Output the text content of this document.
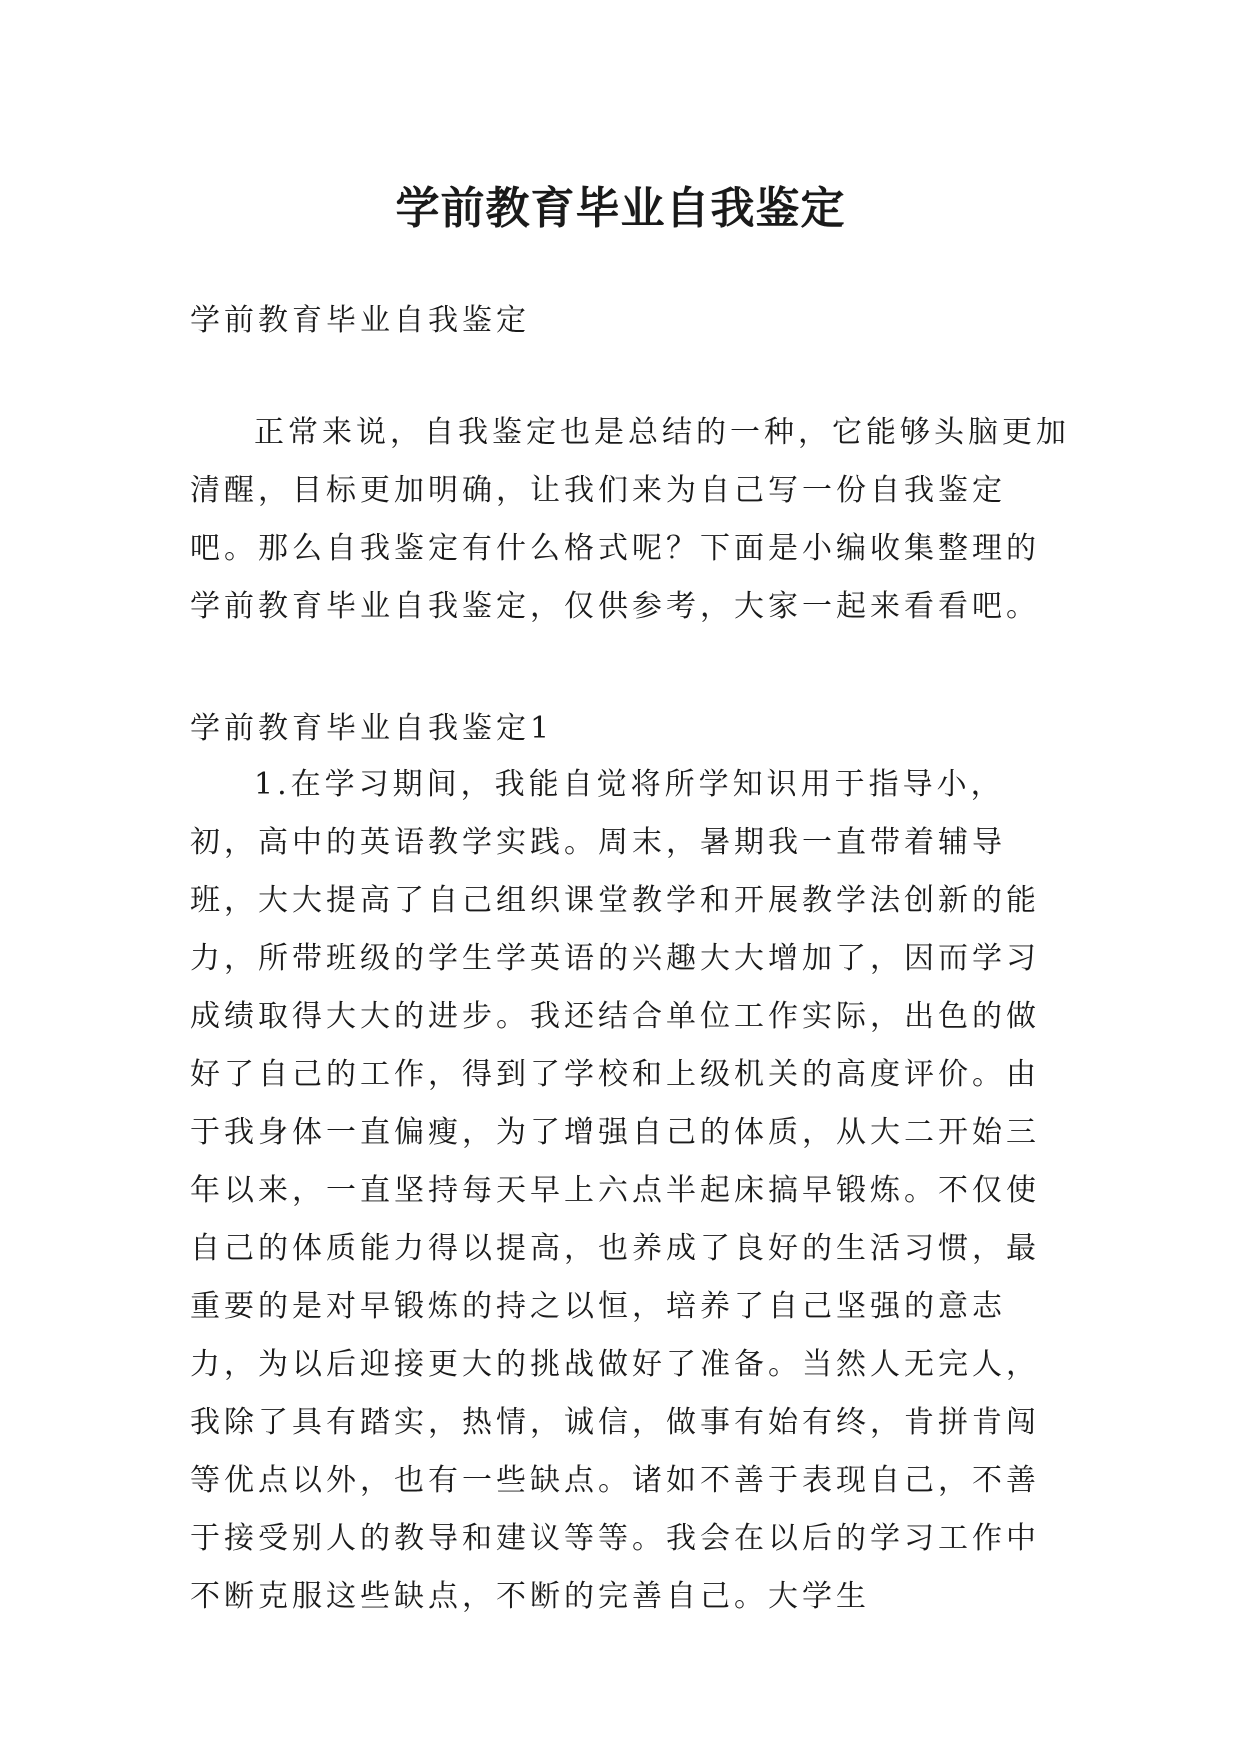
学前教育毕业自我鉴定

学前教育毕业自我鉴定

正常来说，自我鉴定也是总结的一种，它能够头脑更加清醒，目标更加明确，让我们来为自己写一份自我鉴定吧。那么自我鉴定有什么格式呢？下面是小编收集整理的学前教育毕业自我鉴定，仅供参考，大家一起来看看吧。

学前教育毕业自我鉴定1

1.在学习期间，我能自觉将所学知识用于指导小，初，高中的英语教学实践。周末，暑期我一直带着辅导班，大大提高了自己组织课堂教学和开展教学法创新的能力，所带班级的学生学英语的兴趣大大增加了，因而学习成绩取得大大的进步。我还结合单位工作实际，出色的做好了自己的工作，得到了学校和上级机关的高度评价。由于我身体一直偏瘦，为了增强自己的体质，从大二开始三年以来，一直坚持每天早上六点半起床搞早锻炼。不仅使自己的体质能力得以提高，也养成了良好的生活习惯，最重要的是对早锻炼的持之以恒，培养了自己坚强的意志力，为以后迎接更大的挑战做好了准备。当然人无完人，我除了具有踏实，热情，诚信，做事有始有终，肯拼肯闯等优点以外，也有一些缺点。诸如不善于表现自己，不善于接受别人的教导和建议等等。我会在以后的学习工作中不断克服这些缺点，不断的完善自己。大学生
